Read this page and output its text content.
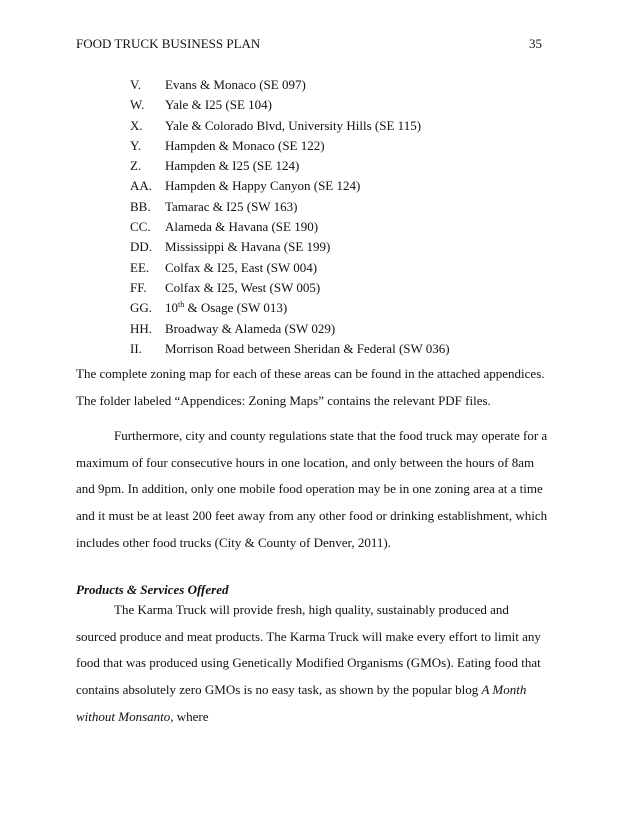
FOOD TRUCK BUSINESS PLAN	35
V.	Evans & Monaco (SE 097)
W.	Yale & I25 (SE 104)
X.	Yale & Colorado Blvd, University Hills (SE 115)
Y.	Hampden & Monaco (SE 122)
Z.	Hampden & I25 (SE 124)
AA. Hampden & Happy Canyon (SE 124)
BB.	Tamarac & I25 (SW 163)
CC.	Alameda & Havana (SE 190)
DD. Mississippi & Havana (SE 199)
EE.	Colfax & I25, East (SW 004)
FF.	Colfax & I25, West (SW 005)
GG. 10th & Osage (SW 013)
HH. Broadway & Alameda (SW 029)
II.	Morrison Road between Sheridan & Federal (SW 036)

The complete zoning map for each of these areas can be found in the attached appendices. The folder labeled “Appendices: Zoning Maps” contains the relevant PDF files.

Furthermore, city and county regulations state that the food truck may operate for a maximum of four consecutive hours in one location, and only between the hours of 8am and 9pm. In addition, only one mobile food operation may be in one zoning area at a time and it must be at least 200 feet away from any other food or drinking establishment, which includes other food trucks (City & County of Denver, 2011).

Products & Services Offered

The Karma Truck will provide fresh, high quality, sustainably produced and sourced produce and meat products. The Karma Truck will make every effort to limit any food that was produced using Genetically Modified Organisms (GMOs). Eating food that contains absolutely zero GMOs is no easy task, as shown by the popular blog A Month without Monsanto, where
